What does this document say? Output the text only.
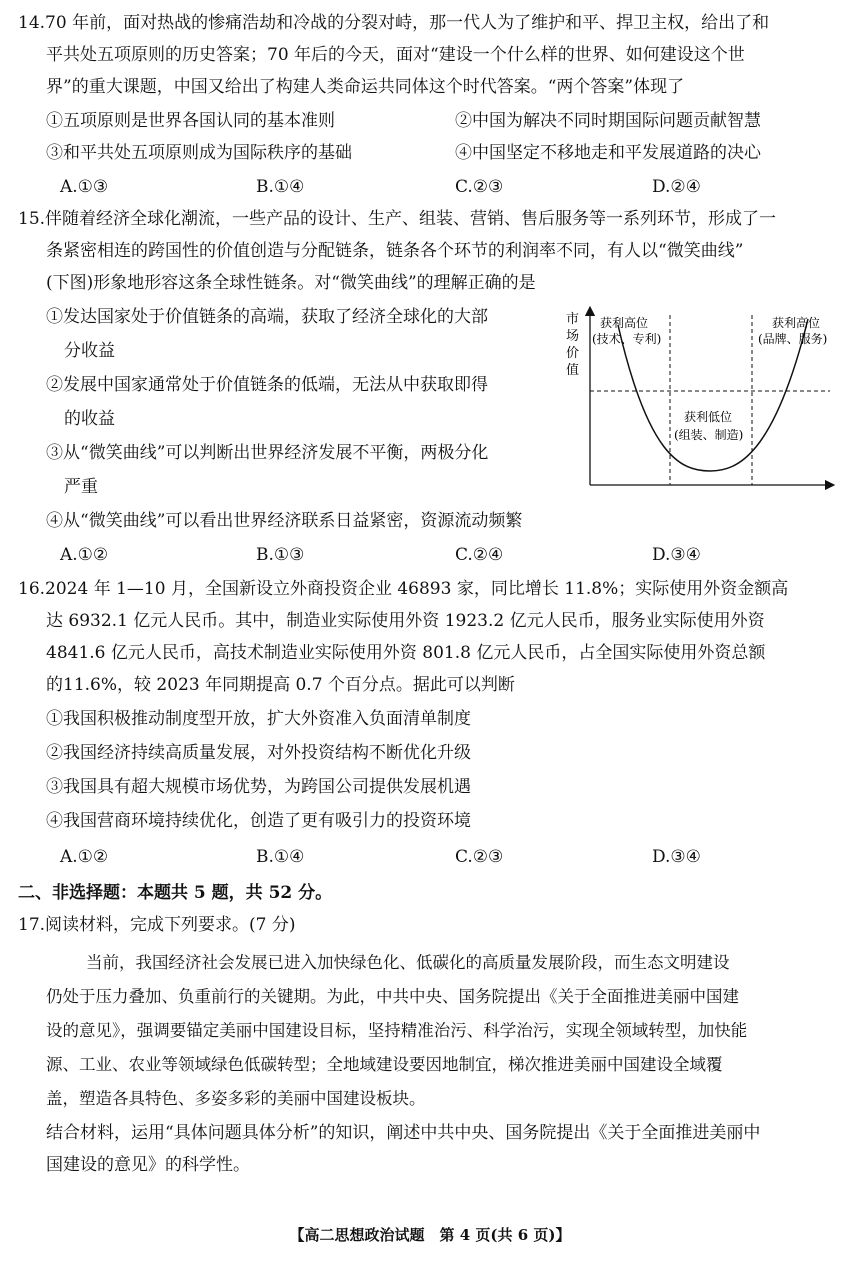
14.70 年前，面对热战的惨痛浩劫和冷战的分裂对峙，那一代人为了维护和平、捍卫主权，给出了和
平共处五项原则的历史答案；70 年后的今天，面对“建设一个什么样的世界、如何建设这个世
界”的重大课题，中国又给出了构建人类命运共同体这个时代答案。“两个答案”体现了
①五项原则是世界各国认同的基本准则	②中国为解决不同时期国际问题贡献智慧
③和平共处五项原则成为国际秩序的基础	④中国坚定不移地走和平发展道路的决心
A.①③	B.①④	C.②③	D.②④
15.伴随着经济全球化潮流，一些产品的设计、生产、组装、营销、售后服务等一系列环节，形成了一
条紧密相连的跨国性的价值创造与分配链条，链条各个环节的利润率不同，有人以“微笑曲线”
(下图)形象地形容这条全球性链条。对“微笑曲线”的理解正确的是
①发达国家处于价值链条的高端，获取了经济全球化的大部
分收益
②发展中国家通常处于价值链条的低端，无法从中获取即得
的收益
③从“微笑曲线”可以判断出世界经济发展不平衡，两极分化
严重
④从“微笑曲线”可以看出世界经济联系日益紧密，资源流动频繁
A.①②	B.①③	C.②④	D.③④
市
场
价
值
获利高位
(技术、专利)
获利高位
(品牌、服务)
获利低位
(组装、制造)
16.2024 年 1—10 月，全国新设立外商投资企业 46893 家，同比增长 11.8%；实际使用外资金额高
达 6932.1 亿元人民币。其中，制造业实际使用外资 1923.2 亿元人民币，服务业实际使用外资
4841.6 亿元人民币，高技术制造业实际使用外资 801.8 亿元人民币，占全国实际使用外资总额
的11.6%，较 2023 年同期提高 0.7 个百分点。据此可以判断
①我国积极推动制度型开放，扩大外资准入负面清单制度
②我国经济持续高质量发展，对外投资结构不断优化升级
③我国具有超大规模市场优势，为跨国公司提供发展机遇
④我国营商环境持续优化，创造了更有吸引力的投资环境
A.①②	B.①④	C.②③	D.③④
二、非选择题：本题共 5 题，共 52 分。
17.阅读材料，完成下列要求。(7 分)
当前，我国经济社会发展已进入加快绿色化、低碳化的高质量发展阶段，而生态文明建设
仍处于压力叠加、负重前行的关键期。为此，中共中央、国务院提出《关于全面推进美丽中国建
设的意见》，强调要锚定美丽中国建设目标，坚持精准治污、科学治污，实现全领域转型，加快能
源、工业、农业等领域绿色低碳转型；全地域建设要因地制宜，梯次推进美丽中国建设全域覆
盖，塑造各具特色、多姿多彩的美丽中国建设板块。
结合材料，运用“具体问题具体分析”的知识，阐述中共中央、国务院提出《关于全面推进美丽中
国建设的意见》的科学性。
【高二思想政治试题　第 4 页(共 6 页)】
